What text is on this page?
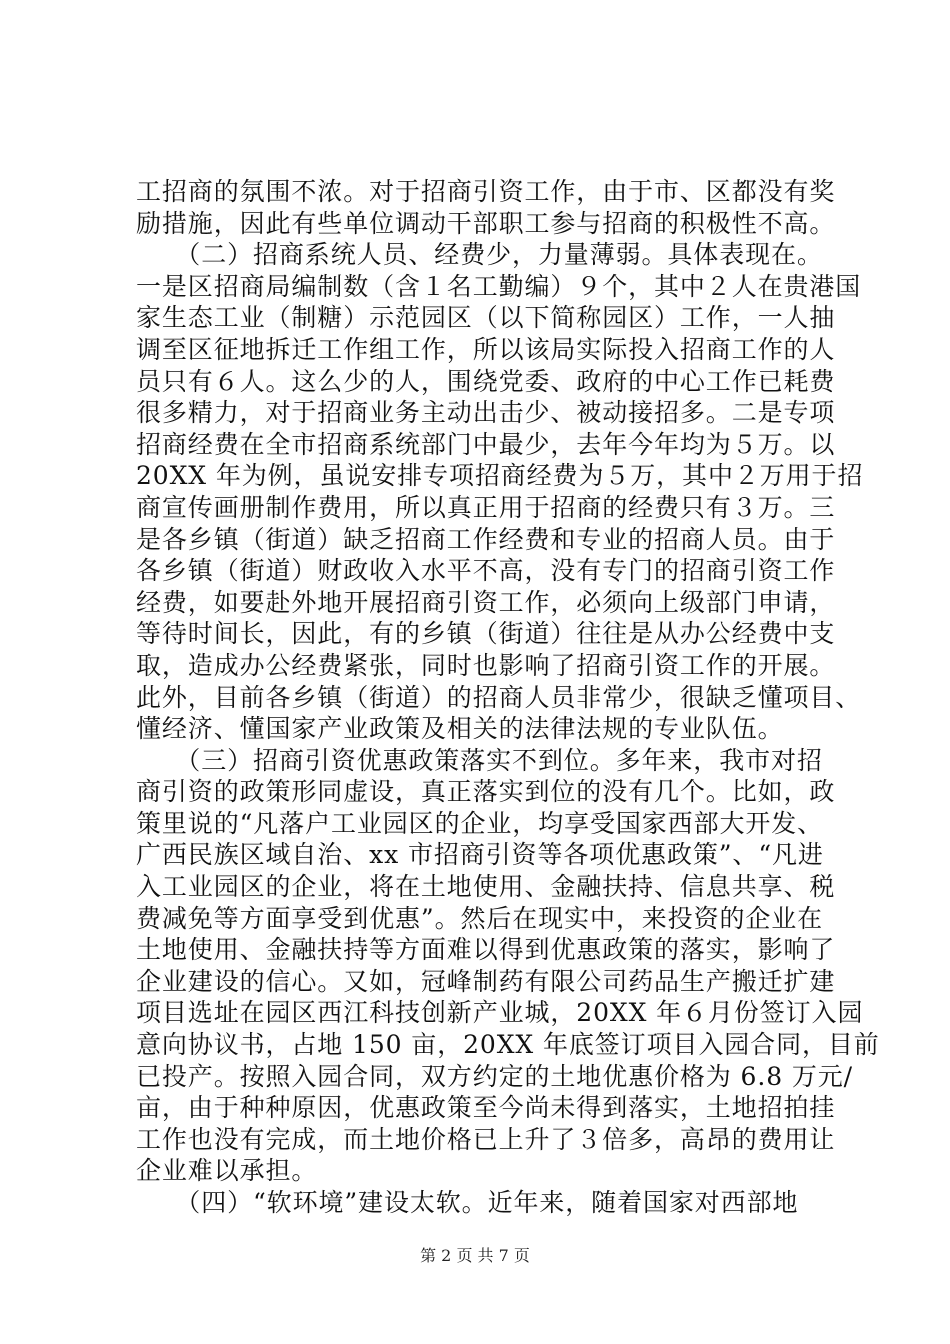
工招商的氛围不浓。对于招商引资工作，由于市、区都没有奖
励措施，因此有些单位调动干部职工参与招商的积极性不高。
　　（二）招商系统人员、经费少，力量薄弱。具体表现在。
一是区招商局编制数（含１名工勤编）９个，其中２人在贵港国
家生态工业（制糖）示范园区（以下简称园区）工作，一人抽
调至区征地拆迁工作组工作，所以该局实际投入招商工作的人
员只有６人。这么少的人，围绕党委、政府的中心工作已耗费
很多精力，对于招商业务主动出击少、被动接招多。二是专项
招商经费在全市招商系统部门中最少，去年今年均为５万。以
20XX 年为例，虽说安排专项招商经费为５万，其中２万用于招
商宣传画册制作费用，所以真正用于招商的经费只有３万。三
是各乡镇（街道）缺乏招商工作经费和专业的招商人员。由于
各乡镇（街道）财政收入水平不高，没有专门的招商引资工作
经费，如要赴外地开展招商引资工作，必须向上级部门申请，
等待时间长，因此，有的乡镇（街道）往往是从办公经费中支
取，造成办公经费紧张，同时也影响了招商引资工作的开展。
此外，目前各乡镇（街道）的招商人员非常少，很缺乏懂项目、
懂经济、懂国家产业政策及相关的法律法规的专业队伍。
　　（三）招商引资优惠政策落实不到位。多年来，我市对招
商引资的政策形同虚设，真正落实到位的没有几个。比如，政
策里说的“凡落户工业园区的企业，均享受国家西部大开发、
广西民族区域自治、xx 市招商引资等各项优惠政策”、“凡进
入工业园区的企业，将在土地使用、金融扶持、信息共享、税
费减免等方面享受到优惠”。然后在现实中，来投资的企业在
土地使用、金融扶持等方面难以得到优惠政策的落实，影响了
企业建设的信心。又如，冠峰制药有限公司药品生产搬迁扩建
项目选址在园区西江科技创新产业城，20XX 年６月份签订入园
意向协议书，占地 150 亩，20XX 年底签订项目入园合同，目前
已投产。按照入园合同，双方约定的土地优惠价格为 6.8 万元/
亩，由于种种原因，优惠政策至今尚未得到落实，土地招拍挂
工作也没有完成，而土地价格已上升了３倍多，高昂的费用让
企业难以承担。
　　（四）“软环境”建设太软。近年来，随着国家对西部地
第 2 页 共 7 页
